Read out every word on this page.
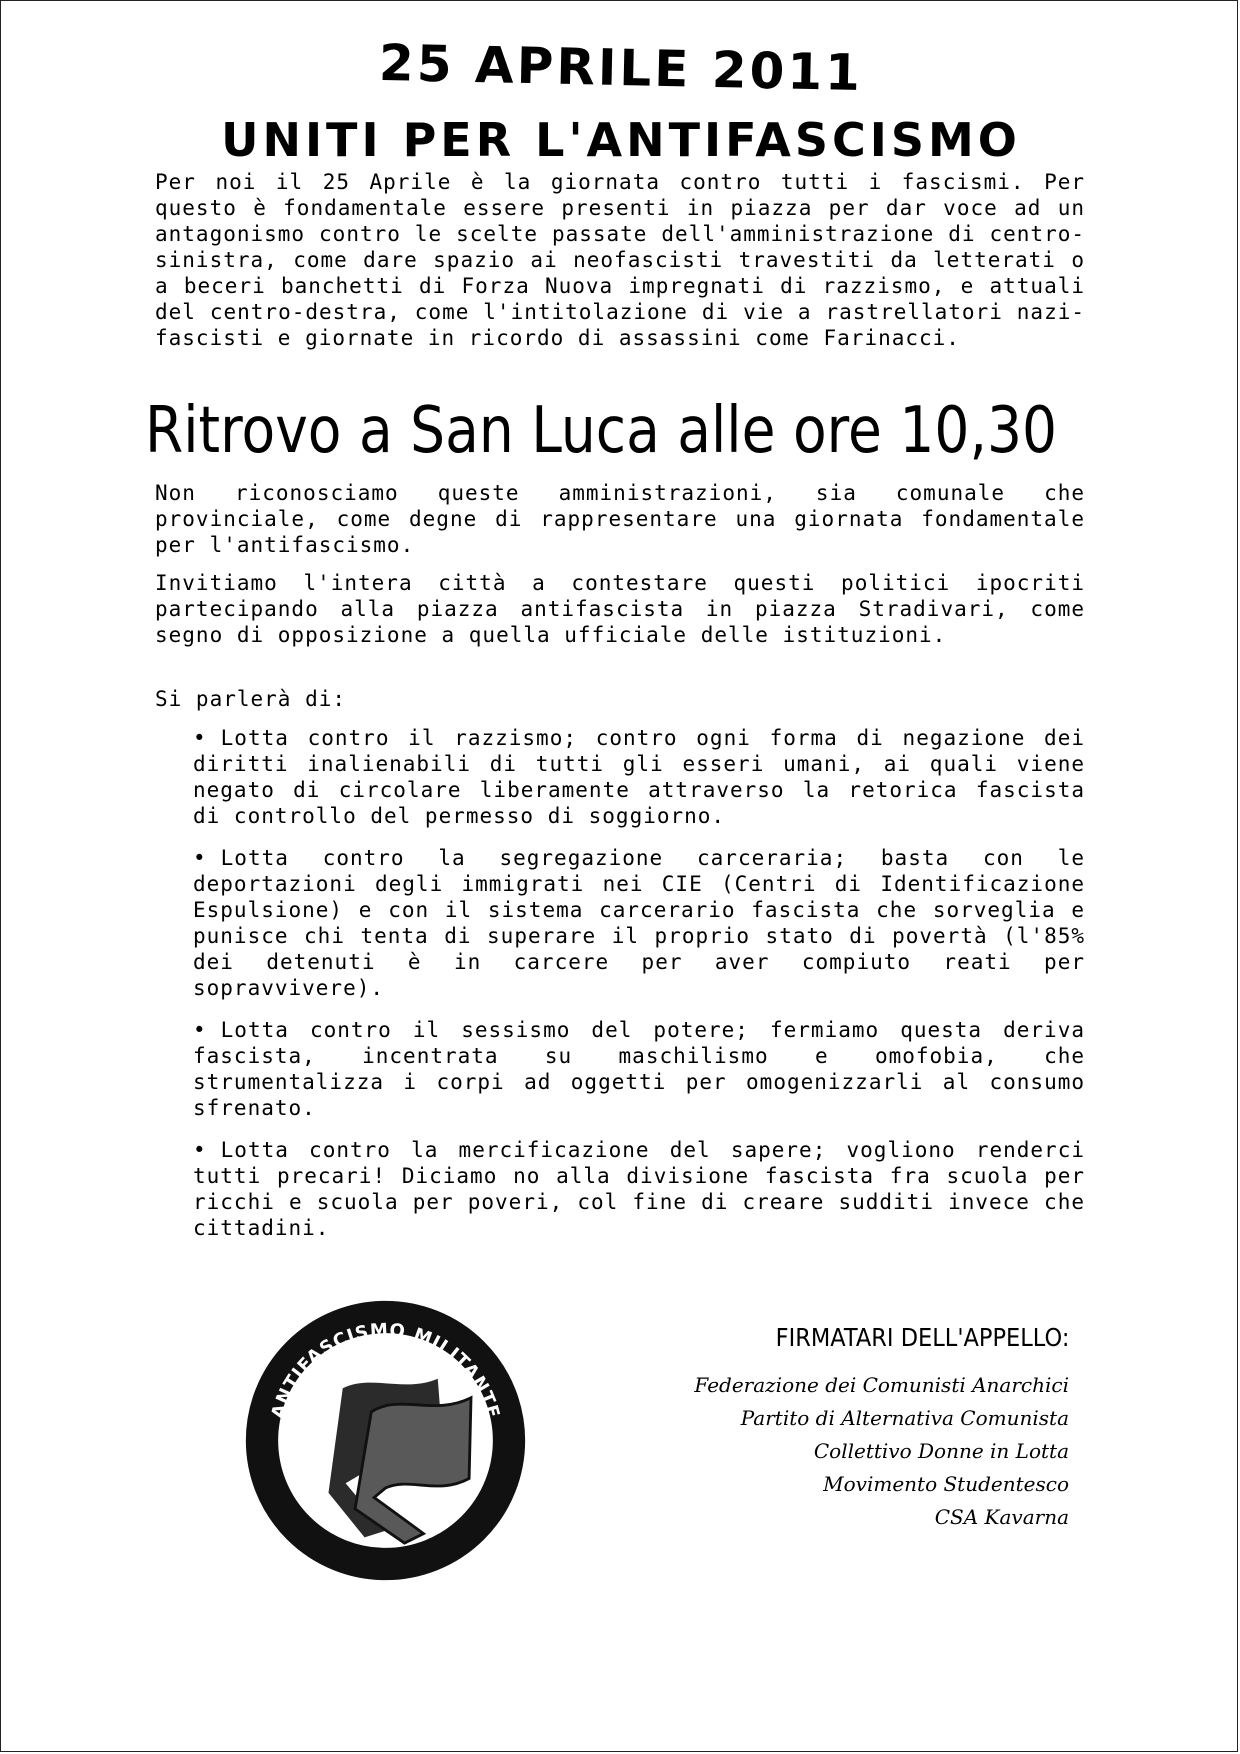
25 APRILE 2011
UNITI PER L'ANTIFASCISMO

Per noi il 25 Aprile è la giornata contro tutti i fascismi. Per questo è fondamentale essere presenti in piazza per dar voce ad un antagonismo contro le scelte passate dell'amministrazione di centro-sinistra, come dare spazio ai neofascisti travestiti da letterati o a beceri banchetti di Forza Nuova impregnati di razzismo, e attuali del centro-destra, come l'intitolazione di vie a rastrellatori nazi-fascisti e giornate in ricordo di assassini come Farinacci.

Ritrovo a San Luca alle ore 10,30

Non riconosciamo queste amministrazioni, sia comunale che provinciale, come degne di rappresentare una giornata fondamentale per l'antifascismo.

Invitiamo l'intera città a contestare questi politici ipocriti partecipando alla piazza antifascista in piazza Stradivari, come segno di opposizione a quella ufficiale delle istituzioni.

Si parlerà di:

• Lotta contro il razzismo; contro ogni forma di negazione dei diritti inalienabili di tutti gli esseri umani, ai quali viene negato di circolare liberamente attraverso la retorica fascista di controllo del permesso di soggiorno.
• Lotta contro la segregazione carceraria; basta con le deportazioni degli immigrati nei CIE (Centri di Identificazione Espulsione) e con il sistema carcerario fascista che sorveglia e punisce chi tenta di superare il proprio stato di povertà (l'85% dei detenuti è in carcere per aver compiuto reati per sopravvivere).
• Lotta contro il sessismo del potere; fermiamo questa deriva fascista, incentrata su maschilismo e omofobia, che strumentalizza i corpi ad oggetti per omogenizzarli al consumo sfrenato.
• Lotta contro la mercificazione del sapere; vogliono renderci tutti precari! Diciamo no alla divisione fascista fra scuola per ricchi e scuola per poveri, col fine di creare sudditi invece che cittadini.
ANTIFASCISMO MILITANTE
FIRMATARI DELL'APPELLO:
Federazione dei Comunisti Anarchici
Partito di Alternativa Comunista
Collettivo Donne in Lotta
Movimento Studentesco
CSA Kavarna
